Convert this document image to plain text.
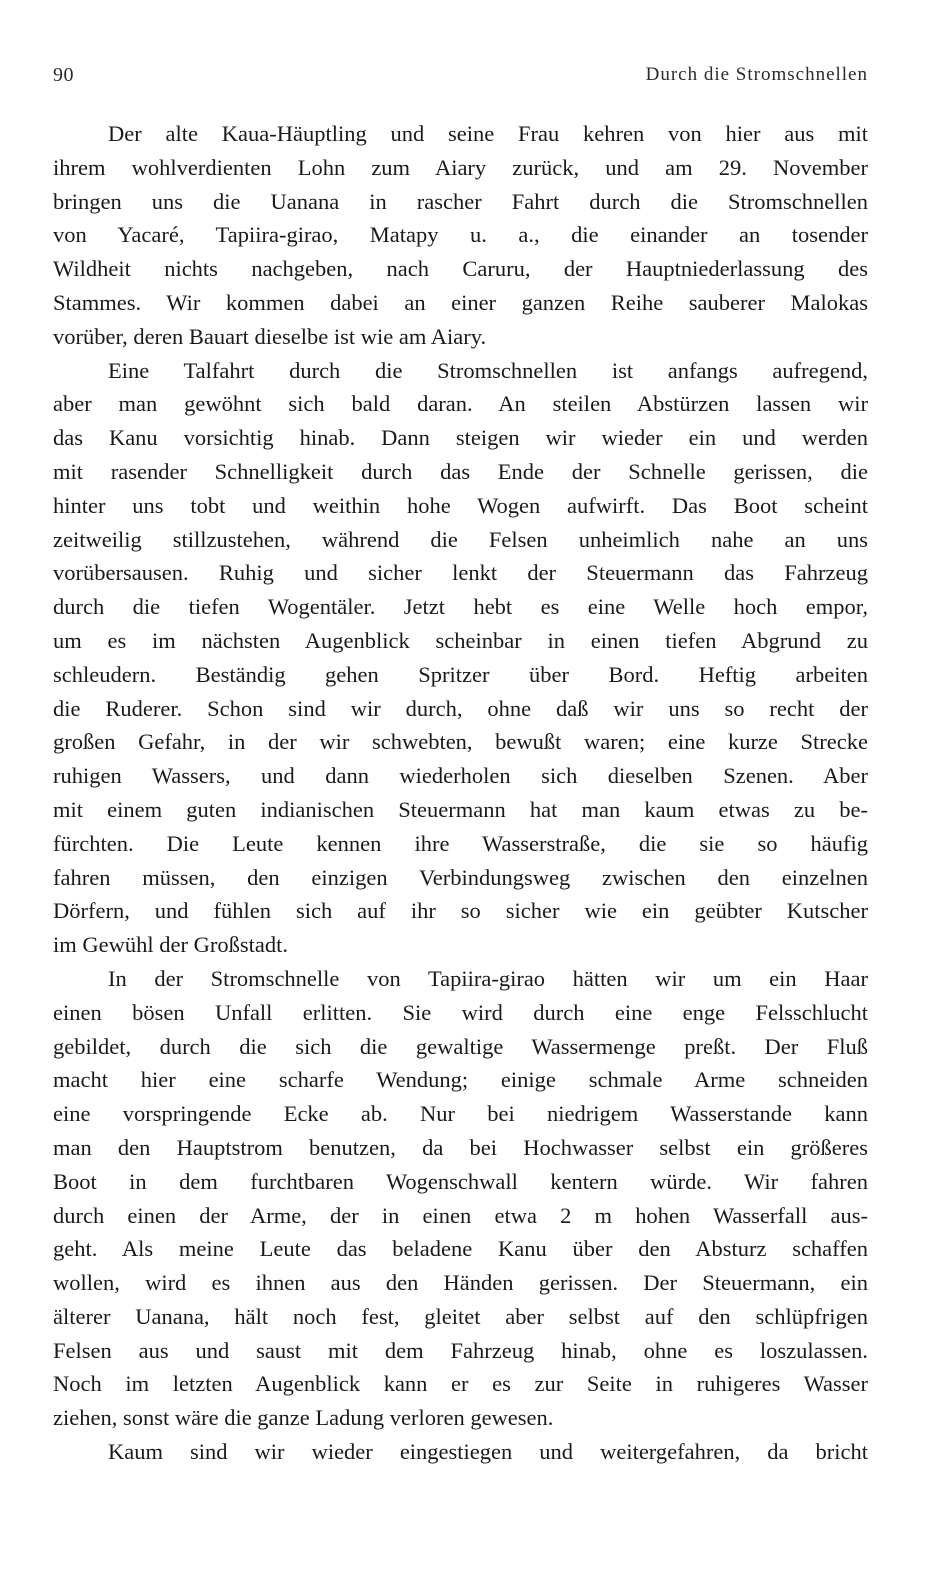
90	Durch die Stromschnellen
Der alte Kaua-Häuptling und seine Frau kehren von hier aus mit
ihrem wohlverdienten Lohn zum Aiary zurück, und am 29. November
bringen uns die Uanana in rascher Fahrt durch die Stromschnellen
von Yacaré, Tapiira-girao, Matapy u. a., die einander an tosender
Wildheit nichts nachgeben, nach Caruru, der Hauptniederlassung des
Stammes. Wir kommen dabei an einer ganzen Reihe sauberer Malokas
vorüber, deren Bauart dieselbe ist wie am Aiary.
Eine Talfahrt durch die Stromschnellen ist anfangs aufregend,
aber man gewöhnt sich bald daran. An steilen Abstürzen lassen wir
das Kanu vorsichtig hinab. Dann steigen wir wieder ein und werden
mit rasender Schnelligkeit durch das Ende der Schnelle gerissen, die
hinter uns tobt und weithin hohe Wogen aufwirft. Das Boot scheint
zeitweilig stillzustehen, während die Felsen unheimlich nahe an uns
vorübersausen. Ruhig und sicher lenkt der Steuermann das Fahrzeug
durch die tiefen Wogentäler. Jetzt hebt es eine Welle hoch empor,
um es im nächsten Augenblick scheinbar in einen tiefen Abgrund zu
schleudern. Beständig gehen Spritzer über Bord. Heftig arbeiten
die Ruderer. Schon sind wir durch, ohne daß wir uns so recht der
großen Gefahr, in der wir schwebten, bewußt waren; eine kurze Strecke
ruhigen Wassers, und dann wiederholen sich dieselben Szenen. Aber
mit einem guten indianischen Steuermann hat man kaum etwas zu be-
fürchten. Die Leute kennen ihre Wasserstraße, die sie so häufig
fahren müssen, den einzigen Verbindungsweg zwischen den einzelnen
Dörfern, und fühlen sich auf ihr so sicher wie ein geübter Kutscher
im Gewühl der Großstadt.
In der Stromschnelle von Tapiira-girao hätten wir um ein Haar
einen bösen Unfall erlitten. Sie wird durch eine enge Felsschlucht
gebildet, durch die sich die gewaltige Wassermenge preßt. Der Fluß
macht hier eine scharfe Wendung; einige schmale Arme schneiden
eine vorspringende Ecke ab. Nur bei niedrigem Wasserstande kann
man den Hauptstrom benutzen, da bei Hochwasser selbst ein größeres
Boot in dem furchtbaren Wogenschwall kentern würde. Wir fahren
durch einen der Arme, der in einen etwa 2 m hohen Wasserfall aus-
geht. Als meine Leute das beladene Kanu über den Absturz schaffen
wollen, wird es ihnen aus den Händen gerissen. Der Steuermann, ein
älterer Uanana, hält noch fest, gleitet aber selbst auf den schlüpfrigen
Felsen aus und saust mit dem Fahrzeug hinab, ohne es loszulassen.
Noch im letzten Augenblick kann er es zur Seite in ruhigeres Wasser
ziehen, sonst wäre die ganze Ladung verloren gewesen.
Kaum sind wir wieder eingestiegen und weitergefahren, da bricht
